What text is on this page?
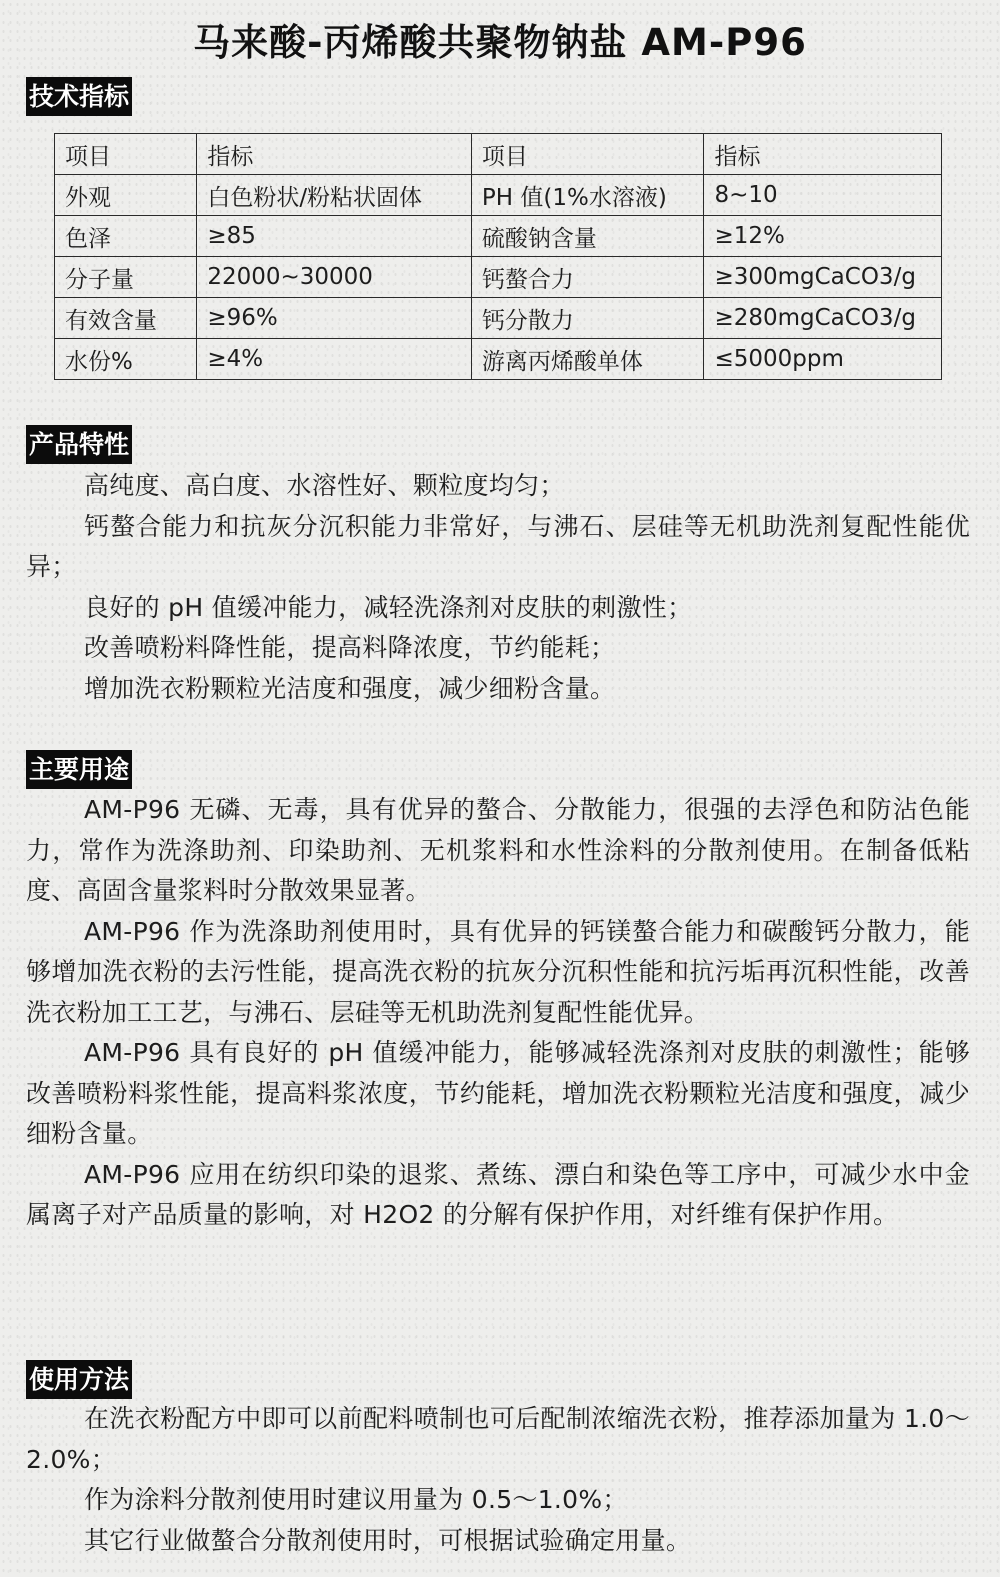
马来酸-丙烯酸共聚物钠盐 AM-P96
技术指标
项目	指标	项目	指标
外观	白色粉状/粉粘状固体	PH 值(1%水溶液)	8~10
色泽	≥85	硫酸钠含量	≥12%
分子量	22000~30000	钙螯合力	≥300mgCaCO3/g
有效含量	≥96%	钙分散力	≥280mgCaCO3/g
水份%	≥4%	游离丙烯酸单体	≤5000ppm
产品特性

高纯度、高白度、水溶性好、颗粒度均匀；

钙螯合能力和抗灰分沉积能力非常好，与沸石、层硅等无机助洗剂复配性能优异；

良好的 pH 值缓冲能力，减轻洗涤剂对皮肤的刺激性；

改善喷粉料降性能，提高料降浓度，节约能耗；

增加洗衣粉颗粒光洁度和强度，减少细粉含量。

主要用途

AM-P96 无磷、无毒，具有优异的螯合、分散能力，很强的去浮色和防沾色能力，常作为洗涤助剂、印染助剂、无机浆料和水性涂料的分散剂使用。在制备低粘度、高固含量浆料时分散效果显著。

AM-P96 作为洗涤助剂使用时，具有优异的钙镁螯合能力和碳酸钙分散力，能够增加洗衣粉的去污性能，提高洗衣粉的抗灰分沉积性能和抗污垢再沉积性能，改善洗衣粉加工工艺，与沸石、层硅等无机助洗剂复配性能优异。

AM-P96 具有良好的 pH 值缓冲能力，能够减轻洗涤剂对皮肤的刺激性；能够改善喷粉料浆性能，提高料浆浓度，节约能耗，增加洗衣粉颗粒光洁度和强度，减少细粉含量。

AM-P96 应用在纺织印染的退浆、煮练、漂白和染色等工序中，可减少水中金属离子对产品质量的影响，对 H2O2 的分解有保护作用，对纤维有保护作用。

使用方法

在洗衣粉配方中即可以前配料喷制也可后配制浓缩洗衣粉，推荐添加量为 1.0～2.0%；

作为涂料分散剂使用时建议用量为 0.5～1.0%；

其它行业做螯合分散剂使用时，可根据试验确定用量。
